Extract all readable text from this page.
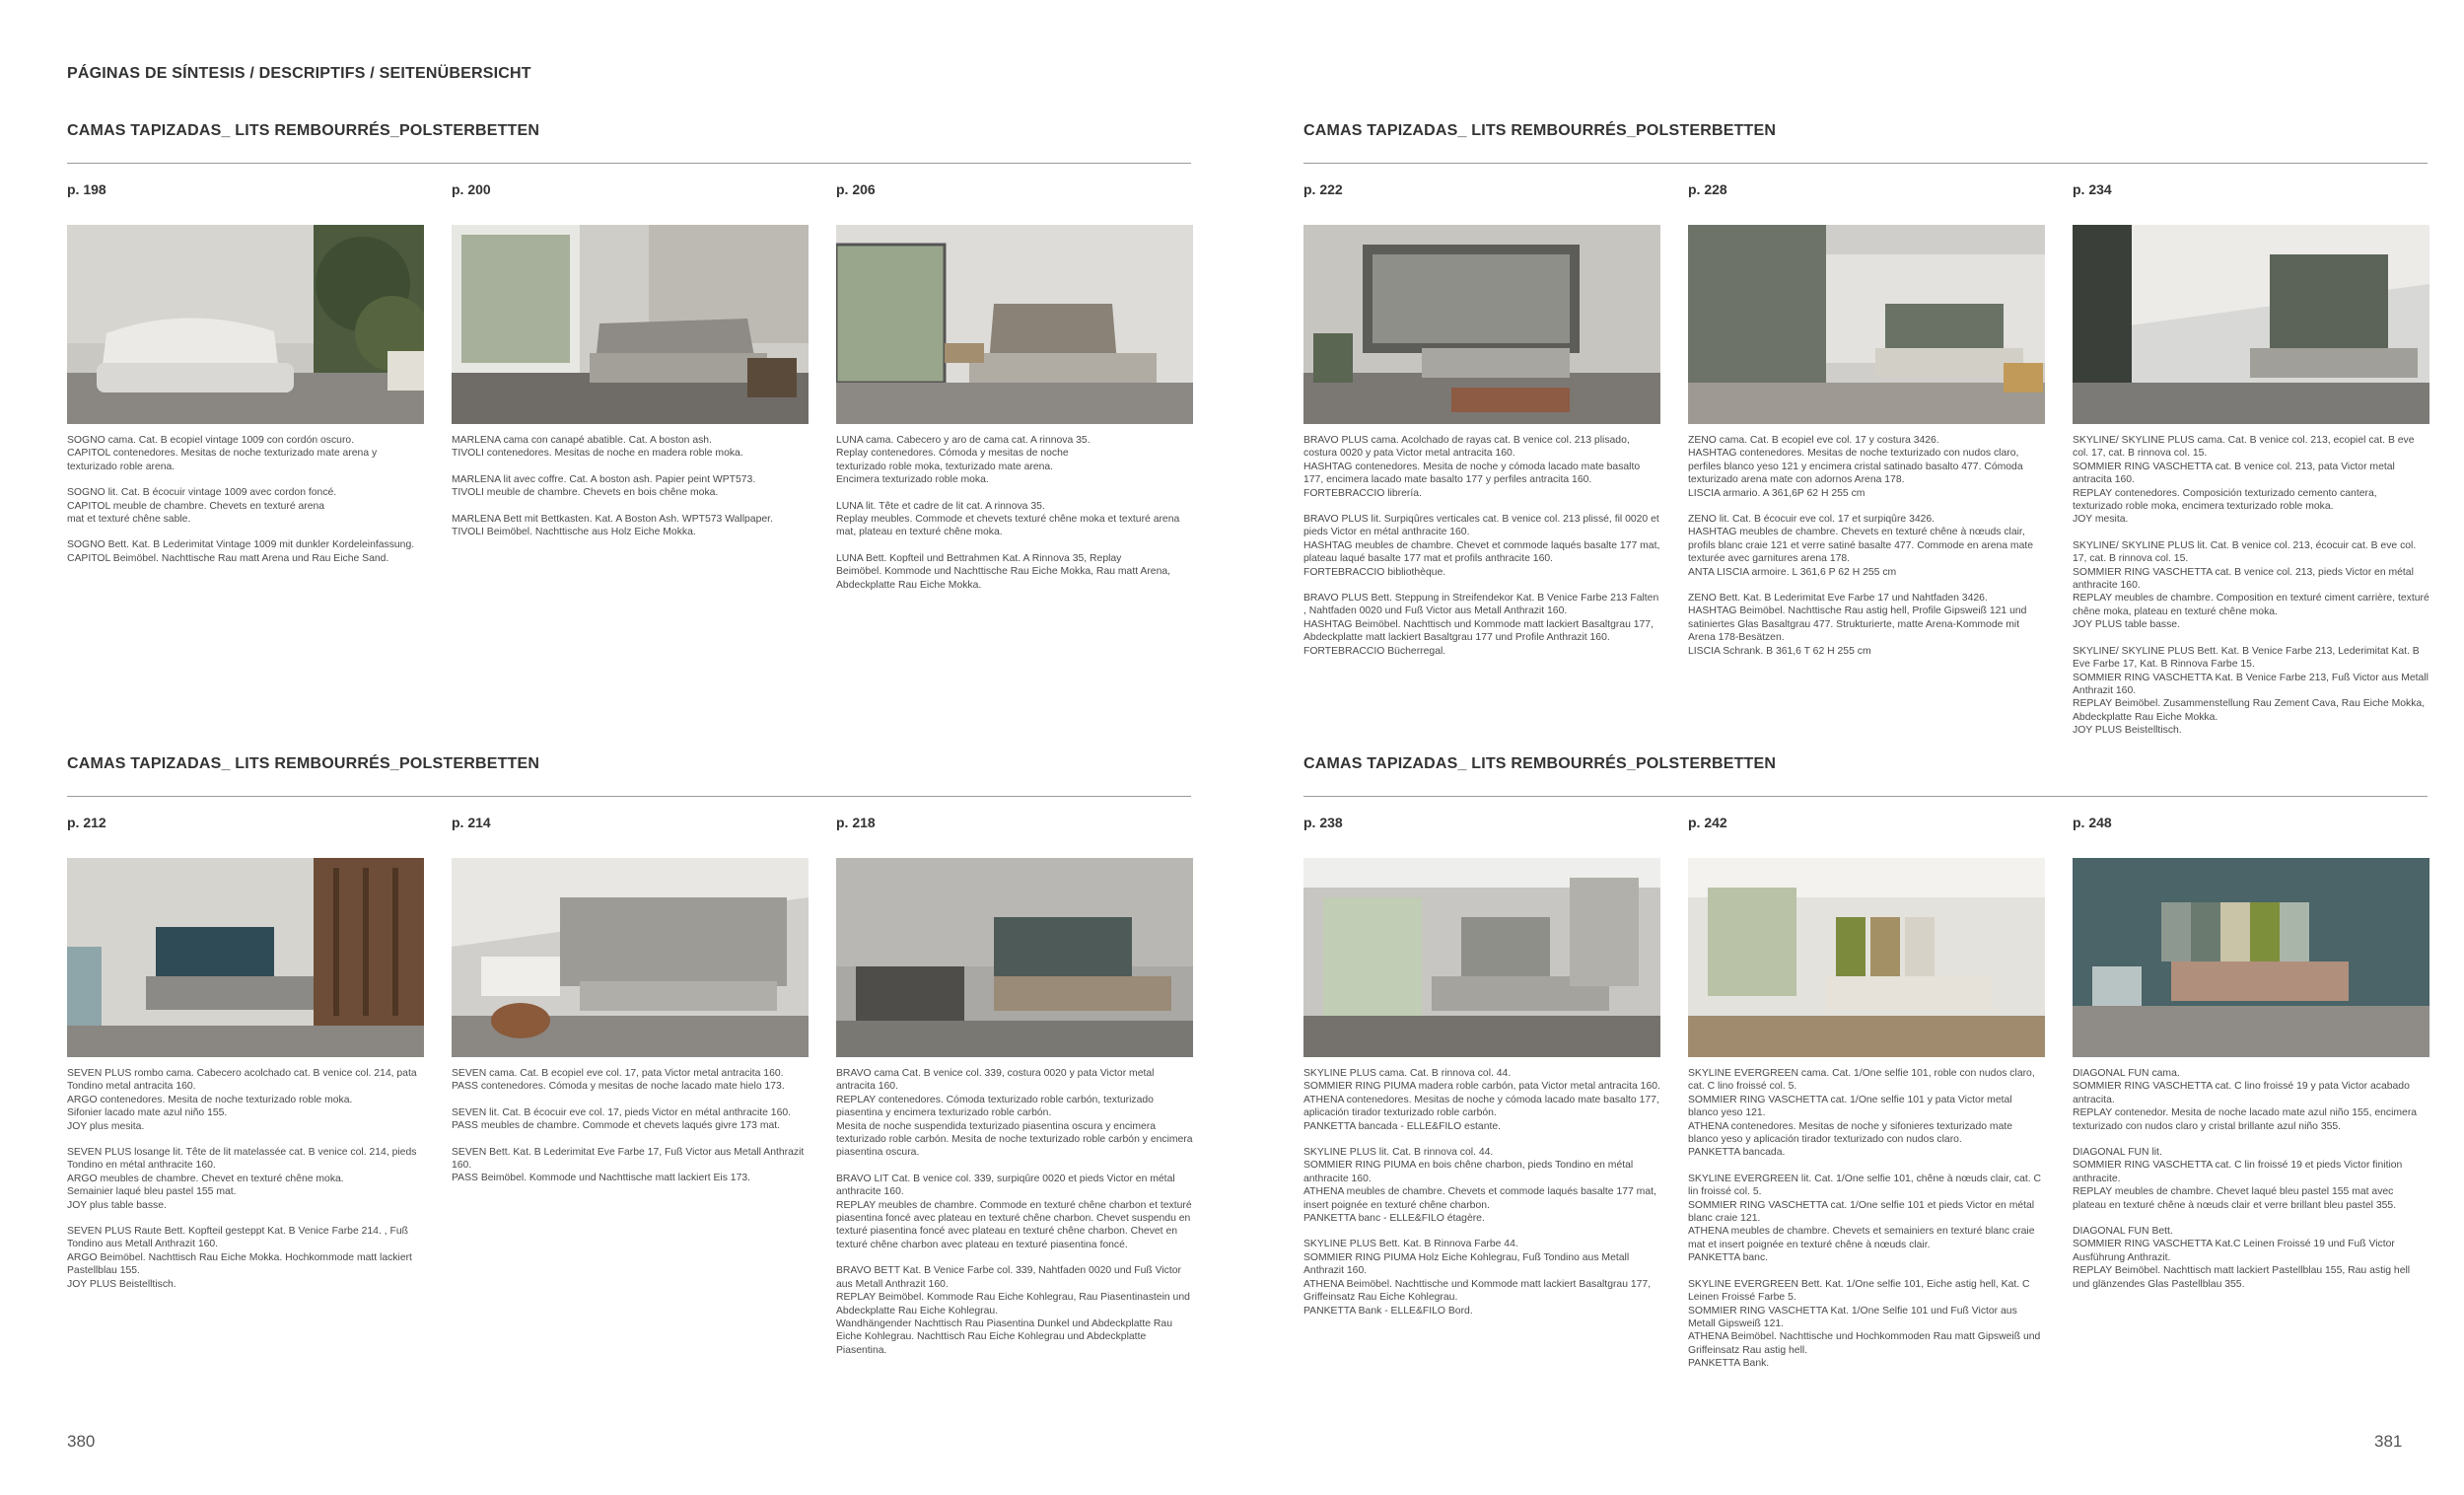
PÁGINAS DE SÍNTESIS / DESCRIPTIFS / SEITENÜBERSICHT
CAMAS TAPIZADAS_ LITS REMBOURRÉS_POLSTERBETTEN
p. 198

SOGNO cama. Cat. B ecopiel vintage 1009 con cordón oscuro.
CAPITOL contenedores. Mesitas de noche texturizado mate arena y texturizado roble arena.

SOGNO lit. Cat. B écocuir vintage 1009 avec cordon foncé.
CAPITOL meuble de chambre. Chevets en texturé arena
mat et texturé chêne sable.

SOGNO Bett. Kat. B Lederimitat Vintage 1009 mit dunkler Kordeleinfassung.
CAPITOL Beimöbel. Nachttische Rau matt Arena und Rau Eiche Sand.

p. 200

MARLENA cama con canapé abatible. Cat. A boston ash.
TIVOLI contenedores. Mesitas de noche en madera roble moka.

MARLENA lit avec coffre. Cat. A boston ash. Papier peint WPT573.
TIVOLI meuble de chambre. Chevets en bois chêne moka.

MARLENA Bett mit Bettkasten. Kat. A Boston Ash. WPT573 Wallpaper.
TIVOLI Beimöbel. Nachttische aus Holz Eiche Mokka.

p. 206

LUNA cama. Cabecero y aro de cama cat. A rinnova 35.
Replay contenedores. Cómoda y mesitas de noche
texturizado roble moka, texturizado mate arena.
Encimera texturizado roble moka.

LUNA lit. Tête et cadre de lit cat. A rinnova 35.
Replay meubles. Commode et chevets texturé chêne moka et texturé arena mat, plateau en texturé chêne moka.

LUNA Bett. Kopfteil und Bettrahmen Kat. A Rinnova 35, Replay
Beimöbel. Kommode und Nachttische Rau Eiche Mokka, Rau matt Arena, Abdeckplatte Rau Eiche Mokka.

CAMAS TAPIZADAS_ LITS REMBOURRÉS_POLSTERBETTEN
p. 222

BRAVO PLUS cama. Acolchado de rayas cat. B venice col. 213 plisado, costura 0020 y pata Victor metal antracita 160.
HASHTAG contenedores. Mesita de noche y cómoda lacado mate basalto 177, encimera lacado mate basalto 177 y perfiles antracita 160.
FORTEBRACCIO librería.

BRAVO PLUS lit. Surpiqûres verticales cat. B venice col. 213 plissé, fil 0020 et pieds Victor en métal anthracite 160.
HASHTAG meubles de chambre. Chevet et commode laqués basalte 177 mat, plateau laqué basalte 177 mat et profils anthracite 160.
FORTEBRACCIO bibliothèque.

BRAVO PLUS Bett. Steppung in Streifendekor Kat. B Venice Farbe 213 Falten , Nahtfaden 0020 und Fuß Victor aus Metall Anthrazit 160.
HASHTAG Beimöbel. Nachttisch und Kommode matt lackiert Basaltgrau 177, Abdeckplatte matt lackiert Basaltgrau 177 und Profile Anthrazit 160.
FORTEBRACCIO Bücherregal.

p. 228

ZENO cama. Cat. B ecopiel eve col. 17 y costura 3426.
HASHTAG contenedores. Mesitas de noche texturizado con nudos claro, perfiles blanco yeso 121 y encimera cristal satinado basalto 477. Cómoda texturizado arena mate con adornos Arena 178.
LISCIA armario. A 361,6P 62 H 255 cm

ZENO lit. Cat. B écocuir eve col. 17 et surpiqûre 3426.
HASHTAG meubles de chambre. Chevets en texturé chêne à nœuds clair, profils blanc craie 121 et verre satiné basalte 477. Commode en arena mate texturée avec garnitures arena 178.
ANTA LISCIA armoire. L 361,6 P 62 H 255 cm

ZENO Bett. Kat. B Lederimitat Eve Farbe 17 und Nahtfaden 3426.
HASHTAG Beimöbel. Nachttische Rau astig hell, Profile Gipsweiß 121 und satiniertes Glas Basaltgrau 477. Strukturierte, matte Arena-Kommode mit Arena 178-Besätzen.
LISCIA Schrank. B 361,6 T 62 H 255 cm

p. 234

SKYLINE/ SKYLINE PLUS cama. Cat. B venice col. 213, ecopiel cat. B eve col. 17, cat. B rinnova col. 15.
SOMMIER RING VASCHETTA cat. B venice col. 213, pata Victor metal antracita 160.
REPLAY contenedores. Composición texturizado cemento cantera, texturizado roble moka, encimera texturizado roble moka.
JOY mesita.

SKYLINE/ SKYLINE PLUS lit. Cat. B venice col. 213, écocuir cat. B eve col. 17, cat. B rinnova col. 15.
SOMMIER RING VASCHETTA cat. B venice col. 213, pieds Victor en métal anthracite 160.
REPLAY meubles de chambre. Composition en texturé ciment carrière, texturé chêne moka, plateau en texturé chêne moka.
JOY PLUS table basse.

SKYLINE/ SKYLINE PLUS Bett. Kat. B Venice Farbe 213, Lederimitat Kat. B Eve Farbe 17, Kat. B Rinnova Farbe 15.
SOMMIER RING VASCHETTA Kat. B Venice Farbe 213, Fuß Victor aus Metall Anthrazit 160.
REPLAY Beimöbel. Zusammenstellung Rau Zement Cava, Rau Eiche Mokka, Abdeckplatte Rau Eiche Mokka.
JOY PLUS Beistelltisch.

CAMAS TAPIZADAS_ LITS REMBOURRÉS_POLSTERBETTEN
p. 212

SEVEN PLUS rombo cama. Cabecero acolchado cat. B venice col. 214, pata Tondino metal antracita 160.
ARGO contenedores. Mesita de noche texturizado roble moka.
Sifonier lacado mate azul niño 155.
JOY plus mesita.

SEVEN PLUS losange lit. Tête de lit matelassée cat. B venice col. 214, pieds Tondino en métal anthracite 160.
ARGO meubles de chambre. Chevet en texturé chêne moka.
Semainier laqué bleu pastel 155 mat.
JOY plus table basse.

SEVEN PLUS Raute Bett. Kopfteil gesteppt Kat. B Venice Farbe 214. , Fuß Tondino aus Metall Anthrazit 160.
ARGO Beimöbel. Nachttisch Rau Eiche Mokka. Hochkommode matt lackiert Pastellblau 155.
JOY PLUS Beistelltisch.

p. 214

SEVEN cama. Cat. B ecopiel eve col. 17, pata Victor metal antracita 160.
PASS contenedores. Cómoda y mesitas de noche lacado mate hielo 173.

SEVEN lit. Cat. B écocuir eve col. 17, pieds Victor en métal anthracite 160.
PASS meubles de chambre. Commode et chevets laqués givre 173 mat.

SEVEN Bett. Kat. B Lederimitat Eve Farbe 17, Fuß Victor aus Metall Anthrazit 160.
PASS Beimöbel. Kommode und Nachttische matt lackiert Eis 173.

p. 218

BRAVO cama Cat. B venice col. 339, costura 0020 y pata Victor metal antracita 160.
REPLAY contenedores. Cómoda texturizado roble carbón, texturizado piasentina y encimera texturizado roble carbón.
Mesita de noche suspendida texturizado piasentina oscura y encimera texturizado roble carbón. Mesita de noche texturizado roble carbón y encimera piasentina oscura.

BRAVO LIT Cat. B venice col. 339, surpiqûre 0020 et pieds Victor en métal anthracite 160.
REPLAY meubles de chambre. Commode en texturé chêne charbon et texturé piasentina foncé avec plateau en texturé chêne charbon. Chevet suspendu en texturé piasentina foncé avec plateau en texturé chêne charbon. Chevet en texturé chêne charbon avec plateau en texturé piasentina foncé.

BRAVO BETT Kat. B Venice Farbe col. 339, Nahtfaden 0020 und Fuß Victor aus Metall Anthrazit 160.
REPLAY Beimöbel. Kommode Rau Eiche Kohlegrau, Rau Piasentinastein und Abdeckplatte Rau Eiche Kohlegrau.
Wandhängender Nachttisch Rau Piasentina Dunkel und Abdeckplatte Rau Eiche Kohlegrau. Nachttisch Rau Eiche Kohlegrau und Abdeckplatte Piasentina.

CAMAS TAPIZADAS_ LITS REMBOURRÉS_POLSTERBETTEN
p. 238

SKYLINE PLUS cama. Cat. B rinnova col. 44.
SOMMIER RING PIUMA madera roble carbón, pata Victor metal antracita 160.
ATHENA contenedores. Mesitas de noche y cómoda lacado mate basalto 177, aplicación tirador texturizado roble carbón.
PANKETTA bancada - ELLE&FILO estante.

SKYLINE PLUS lit. Cat. B rinnova col. 44.
SOMMIER RING PIUMA en bois chêne charbon, pieds Tondino en métal anthracite 160.
ATHENA meubles de chambre. Chevets et commode laqués basalte 177 mat, insert poignée en texturé chêne charbon.
PANKETTA banc - ELLE&FILO étagère.

SKYLINE PLUS Bett. Kat. B Rinnova Farbe 44.
SOMMIER RING PIUMA Holz Eiche Kohlegrau, Fuß Tondino aus Metall Anthrazit 160.
ATHENA Beimöbel. Nachttische und Kommode matt lackiert Basaltgrau 177, Griffeinsatz Rau Eiche Kohlegrau.
PANKETTA Bank - ELLE&FILO Bord.

p. 242

SKYLINE EVERGREEN cama. Cat. 1/One selfie 101, roble con nudos claro, cat. C lino froissé col. 5.
SOMMIER RING VASCHETTA cat. 1/One selfie 101 y pata Victor metal blanco yeso 121.
ATHENA contenedores. Mesitas de noche y sifonieres texturizado mate blanco yeso y aplicación tirador texturizado con nudos claro.
PANKETTA bancada.

SKYLINE EVERGREEN lit. Cat. 1/One selfie 101, chêne à nœuds clair, cat. C lin froissé col. 5.
SOMMIER RING VASCHETTA cat. 1/One selfie 101 et pieds Victor en métal blanc craie 121.
ATHENA meubles de chambre. Chevets et semainiers en texturé blanc craie mat et insert poignée en texturé chêne à nœuds clair.
PANKETTA banc.

SKYLINE EVERGREEN Bett. Kat. 1/One selfie 101, Eiche astig hell, Kat. C Leinen Froissé Farbe 5.
SOMMIER RING VASCHETTA Kat. 1/One Selfie 101 und Fuß Victor aus Metall Gipsweiß 121.
ATHENA Beimöbel. Nachttische und Hochkommoden Rau matt Gipsweiß und Griffeinsatz Rau astig hell.
PANKETTA Bank.

p. 248

DIAGONAL FUN cama.
SOMMIER RING VASCHETTA cat. C lino froissé 19 y pata Victor acabado antracita.
REPLAY contenedor. Mesita de noche lacado mate azul niño 155, encimera texturizado con nudos claro y cristal brillante azul niño 355.

DIAGONAL FUN lit.
SOMMIER RING VASCHETTA cat. C lin froissé 19 et pieds Victor finition anthracite.
REPLAY meubles de chambre. Chevet laqué bleu pastel 155 mat avec plateau en texturé chêne à nœuds clair et verre brillant bleu pastel 355.

DIAGONAL FUN Bett.
SOMMIER RING VASCHETTA Kat.C Leinen Froissé 19 und Fuß Victor Ausführung Anthrazit.
REPLAY Beimöbel. Nachttisch matt lackiert Pastellblau 155, Rau astig hell und glänzendes Glas Pastellblau 355.

380	381
